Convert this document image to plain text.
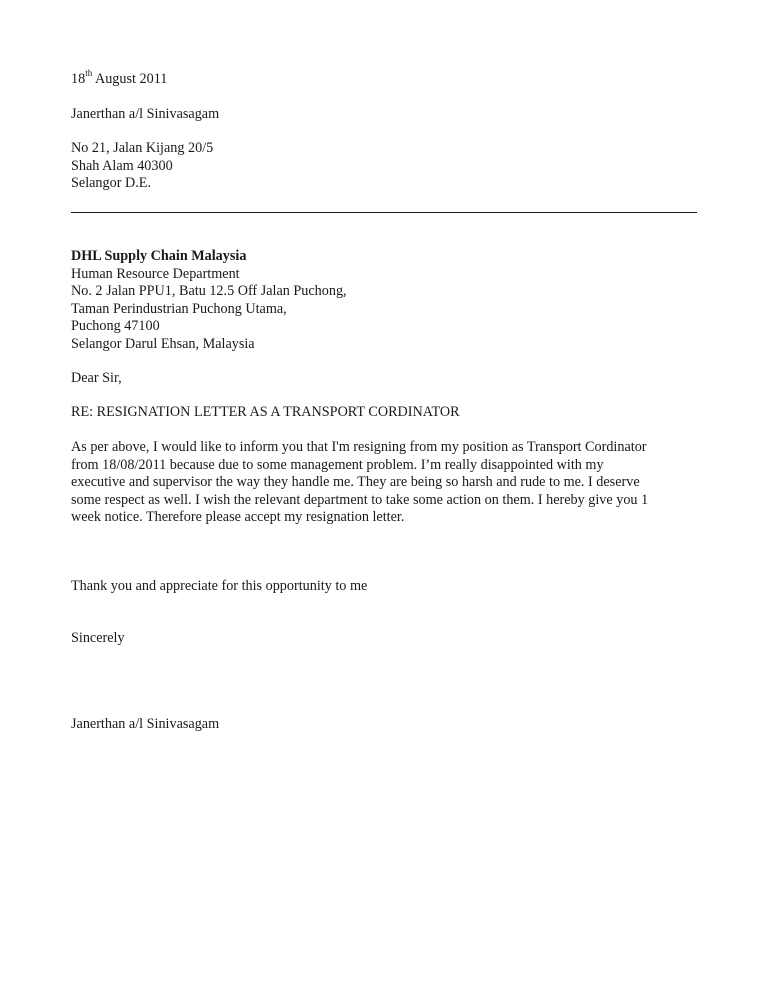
18th August 2011
Janerthan a/l Sinivasagam
No 21, Jalan Kijang 20/5
Shah Alam 40300
Selangor D.E.
DHL Supply Chain Malaysia
Human Resource Department
No. 2 Jalan PPU1, Batu 12.5 Off Jalan Puchong,
Taman Perindustrian Puchong Utama,
Puchong 47100
Selangor Darul Ehsan, Malaysia
Dear Sir,
RE: RESIGNATION LETTER AS A TRANSPORT CORDINATOR
As per above, I would like to inform you that I'm resigning from my position as Transport Cordinator
from 18/08/2011 because due to some management problem. I’m really disappointed with my
executive and supervisor the way they handle me. They are being so harsh and rude to me. I deserve
some respect as well. I wish the relevant department to take some action on them. I hereby give you 1
week notice. Therefore please accept my resignation letter.
Thank you and appreciate for this opportunity to me
Sincerely
Janerthan a/l Sinivasagam
